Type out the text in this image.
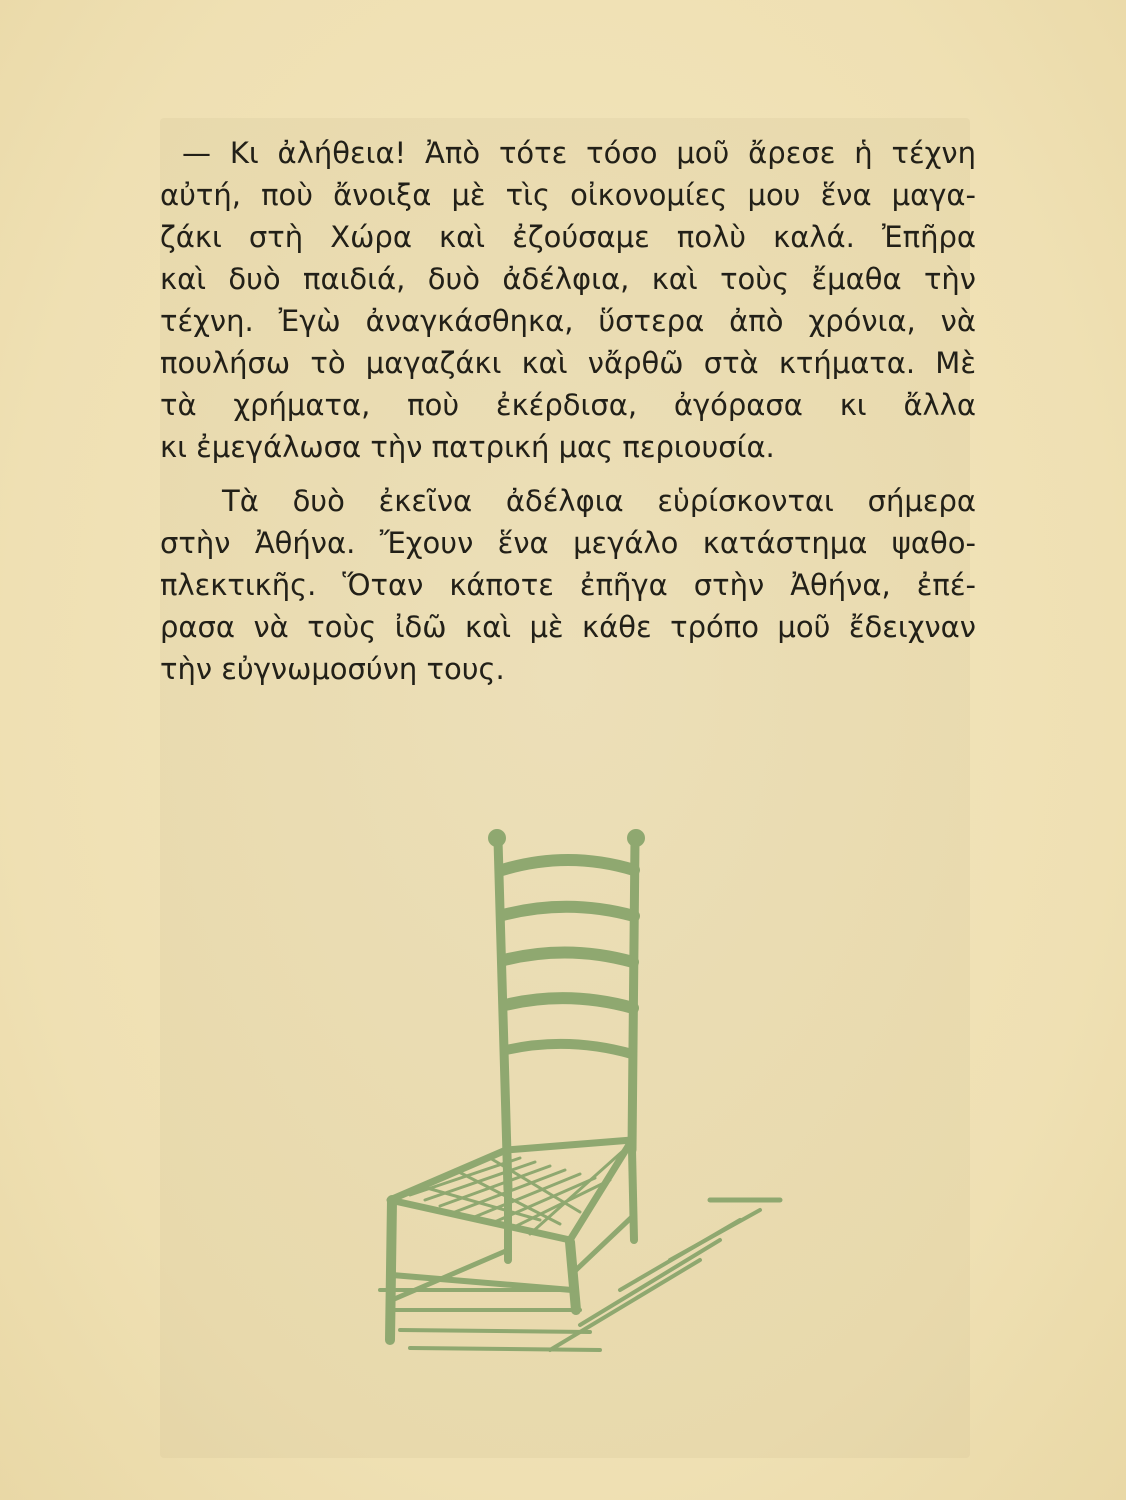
— Κι ἀλήθεια! Ἀπὸ τότε τόσο μοῦ ἄρεσε ἡ τέχνη
αὐτή, ποὺ ἄνοιξα μὲ τὶς οἰκονομίες μου ἕνα μαγα-
ζάκι στὴ Χώρα καὶ ἐζούσαμε πολὺ καλά. Ἐπῆρα
καὶ δυὸ παιδιά, δυὸ ἀδέλφια, καὶ τοὺς ἔμαθα τὴν
τέχνη. Ἐγὼ ἀναγκάσθηκα, ὕστερα ἀπὸ χρόνια, νὰ
πουλήσω τὸ μαγαζάκι καὶ νἄρθῶ στὰ κτήματα. Μὲ
τὰ χρήματα, ποὺ ἐκέρδισα, ἀγόρασα κι ἄλλα
κι ἐμεγάλωσα τὴν πατρική μας περιουσία.

Τὰ δυὸ ἐκεῖνα ἀδέλφια εὑρίσκονται σήμερα
στὴν Ἀθήνα. Ἔχουν ἕνα μεγάλο κατάστημα ψαθο-
πλεκτικῆς. Ὅταν κάποτε ἐπῆγα στὴν Ἀθήνα, ἐπέ-
ρασα νὰ τοὺς ἰδῶ καὶ μὲ κάθε τρόπο μοῦ ἔδειχναν
τὴν εὐγνωμοσύνη τους.
